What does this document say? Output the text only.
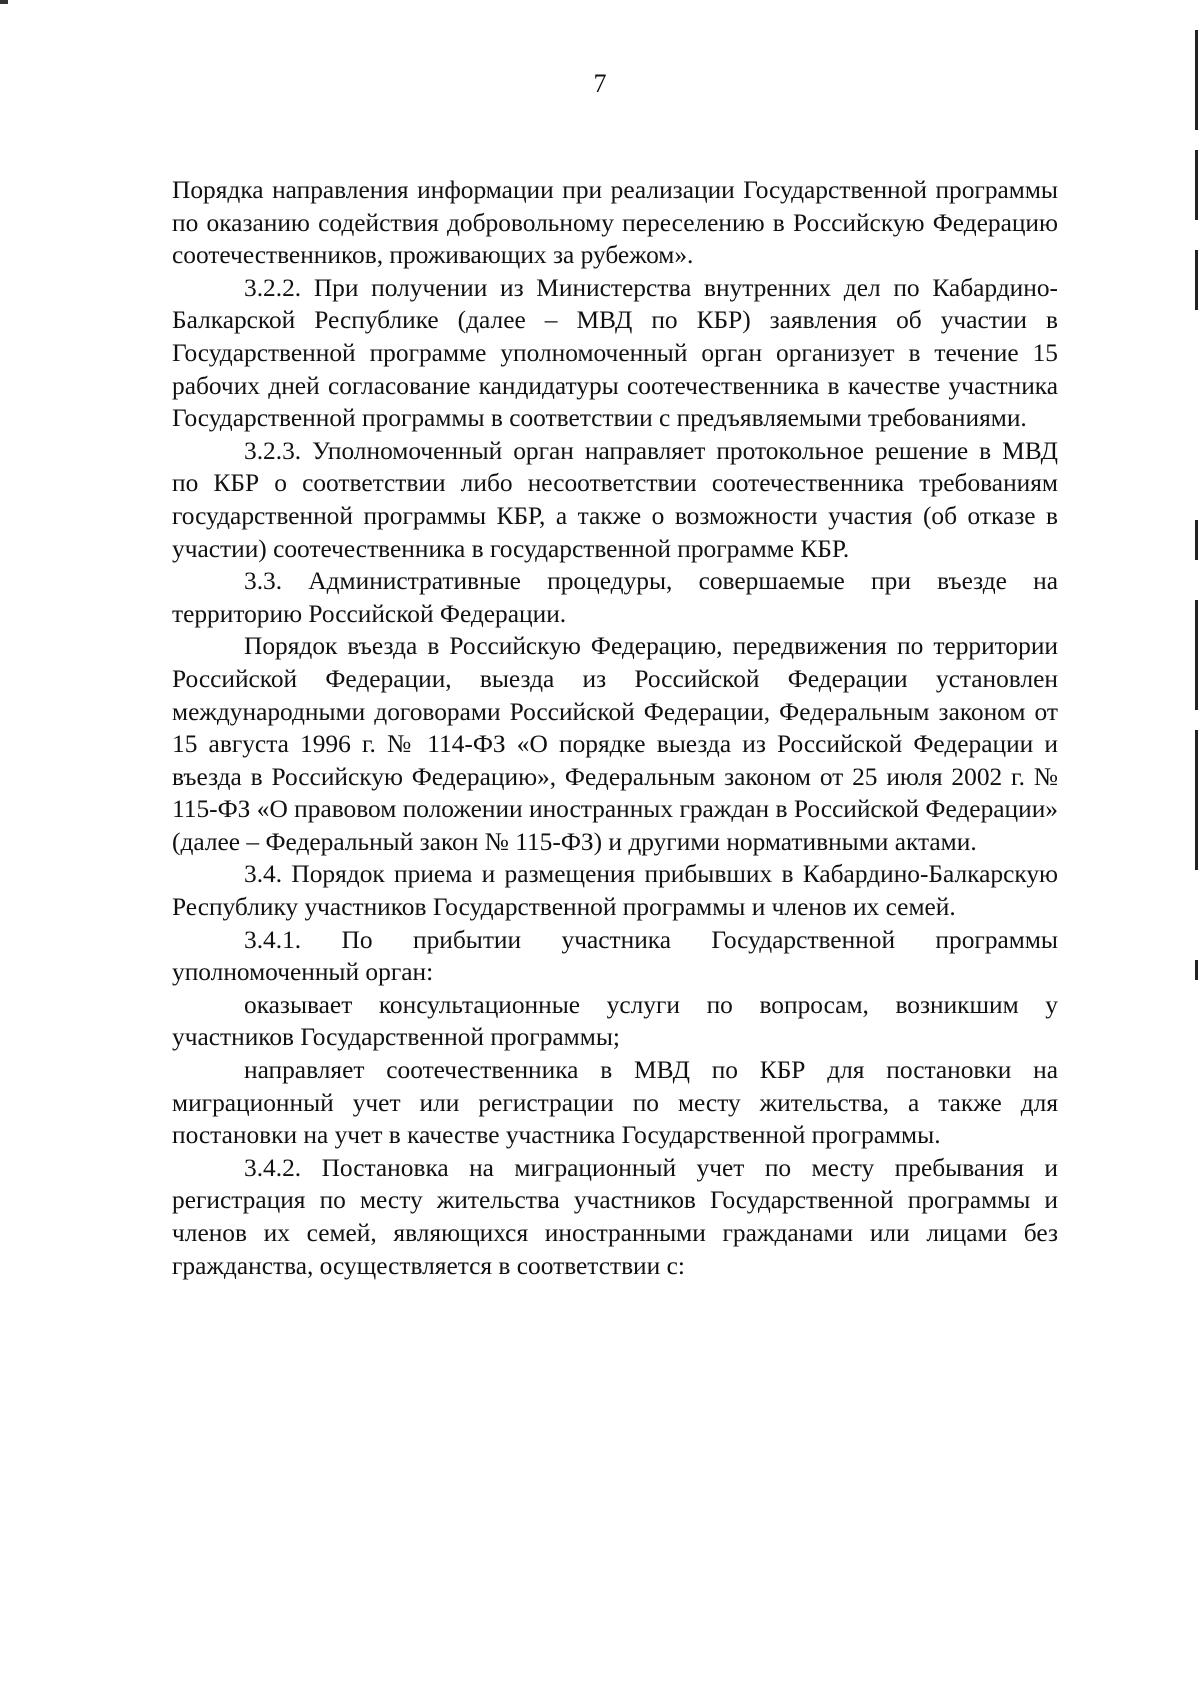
7

Порядка направления информации при реализации Государственной программы по оказанию содействия добровольному переселению в Российскую Федерацию соотечественников, проживающих за рубежом».

3.2.2. При получении из Министерства внутренних дел по Кабардино-Балкарской Республике (далее – МВД по КБР) заявления об участии в Государственной программе уполномоченный орган организует в течение 15 рабочих дней согласование кандидатуры соотечественника в качестве участника Государственной программы в соответствии с предъявляемыми требованиями.

3.2.3. Уполномоченный орган направляет протокольное решение в МВД по КБР о соответствии либо несоответствии соотечественника требованиям государственной программы КБР, а также о возможности участия (об отказе в участии) соотечественника в государственной программе КБР.

3.3. Административные процедуры, совершаемые при въезде на территорию Российской Федерации.

Порядок въезда в Российскую Федерацию, передвижения по территории Российской Федерации, выезда из Российской Федерации установлен международными договорами Российской Федерации, Федеральным законом от 15 августа 1996 г. № 114-ФЗ «О порядке выезда из Российской Федерации и въезда в Российскую Федерацию», Федеральным законом от 25 июля 2002 г. № 115-ФЗ «О правовом положении иностранных граждан в Российской Федерации» (далее – Федеральный закон № 115-ФЗ) и другими нормативными актами.

3.4. Порядок приема и размещения прибывших в Кабардино-Балкарскую Республику участников Государственной программы и членов их семей.

3.4.1. По прибытии участника Государственной программы уполномоченный орган:

оказывает консультационные услуги по вопросам, возникшим у участников Государственной программы;

направляет соотечественника в МВД по КБР для постановки на миграционный учет или регистрации по месту жительства, а также для постановки на учет в качестве участника Государственной программы.

3.4.2. Постановка на миграционный учет по месту пребывания и регистрация по месту жительства участников Государственной программы и членов их семей, являющихся иностранными гражданами или лицами без гражданства, осуществляется в соответствии с:
